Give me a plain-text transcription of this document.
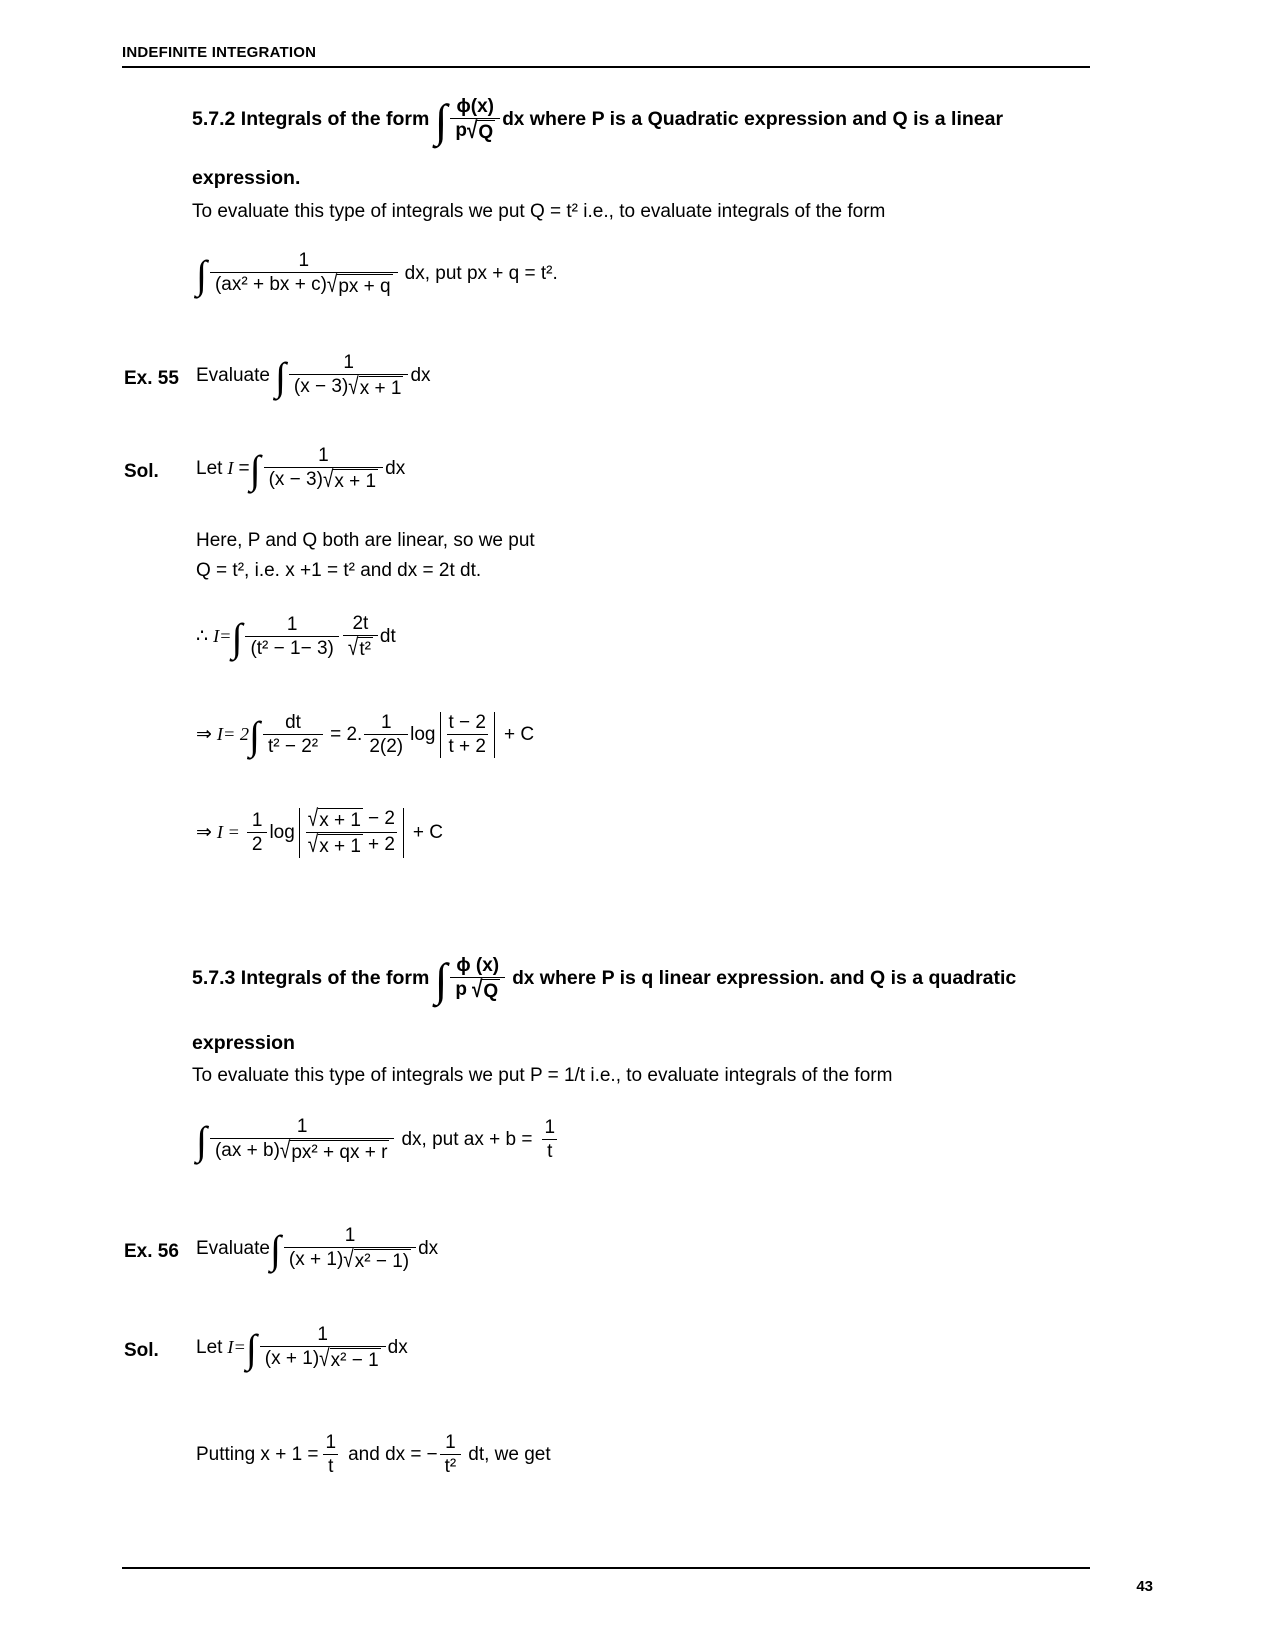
INDEFINITE INTEGRATION
5.7.2 Integrals of the form ∫ $\frac{\phi(x)}{p √ Q}$ dx where P is a Quadratic expression and Q is a linear
expression.
To evaluate this type of integrals we put Q = t² i.e., to evaluate integrals of the form
∫ $\frac{1}{\text{(ax² + bx + c) √ px + q}}$ dx , put px + q = t².
Ex. 55 Evaluate ∫ $\frac{1}{(x - 3) √ x + 1}$ dx
Sol. Let I = ∫ $\frac{1}{(x - 3) √ x + 1}$ dx
Here, P and Q both are linear, so we put
Q = t², i.e. x +1 = t² and dx = 2t dt.
∴ I= ∫ $\frac{1}{\text{(t² − 1− 3)}} \frac{2t}{\text{√ t²}}$ dt
⇒ I= 2 ∫ $\frac{dt}{\text{t² − 2²}} = 2$. $\frac{1}{2(2)}$ $\log \frac{t - 2}{t + 2} + C$
⇒ $I = \frac{1}{2}$ $\log \frac{√ x + 1 - 2}{√ x + 1 + 2} + C$
5.7.3 Integrals of the form ∫ $\frac{\phi (x)}{p √ Q}$ dx where P is q linear expression. and Q is a quadratic
expression
To evaluate this type of integrals we put P = 1/t i.e., to evaluate integrals of the form
∫ $\frac{1}{\text{(ax + b) √ px² + qx + r}}$ dx , put ax + $b = \frac{1}{t}$
Ex. 56 Evaluate ∫ $\frac{1}{\text{(x + 1) √ x² − 1)}}$ dx
Sol. Let I= ∫ $\frac{1}{\text{(x + 1) √ x² − 1}}$ dx
Putting $x + 1 = \frac{1}{t}$ and dx = − $\frac{1}{\text{t²}}$ dt, we get
43
